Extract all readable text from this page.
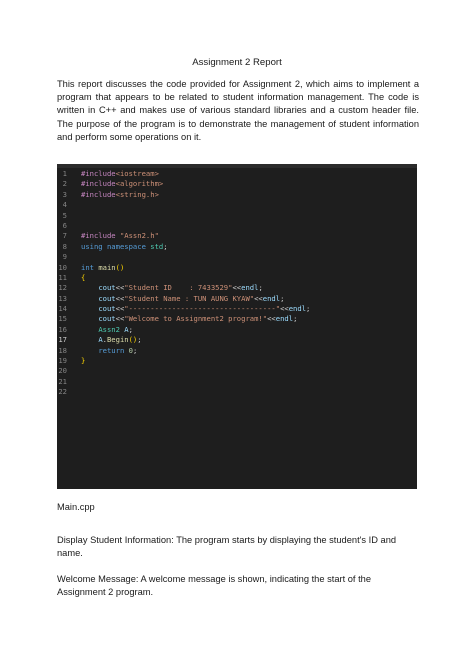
Assignment 2 Report
This report discusses the code provided for Assignment 2, which aims to implement a program that appears to be related to student information management. The code is written in C++ and makes use of various standard libraries and a custom header file. The purpose of the program is to demonstrate the management of student information and perform some operations on it.
1 #include<iostream>
2 #include<algorithm>
3 #include<string.h>
4
5
6
7 #include "Assn2.h"
8 using namespace std;
9
10 int main()
11 {
12	cout<<"Student ID    : 7433529"<<endl;
13	cout<<"Student Name : TUN AUNG KYAW"<<endl;
14	cout<<"----------------------------------"<<endl;
15	cout<<"Welcome to Assignment2 program!"<<endl;
16	Assn2 A;
17	A.Begin();
18	return 0;
19 }
20
21
22
Main.cpp
Display Student Information: The program starts by displaying the student's ID and name.
Welcome Message: A welcome message is shown, indicating the start of the Assignment 2 program.
